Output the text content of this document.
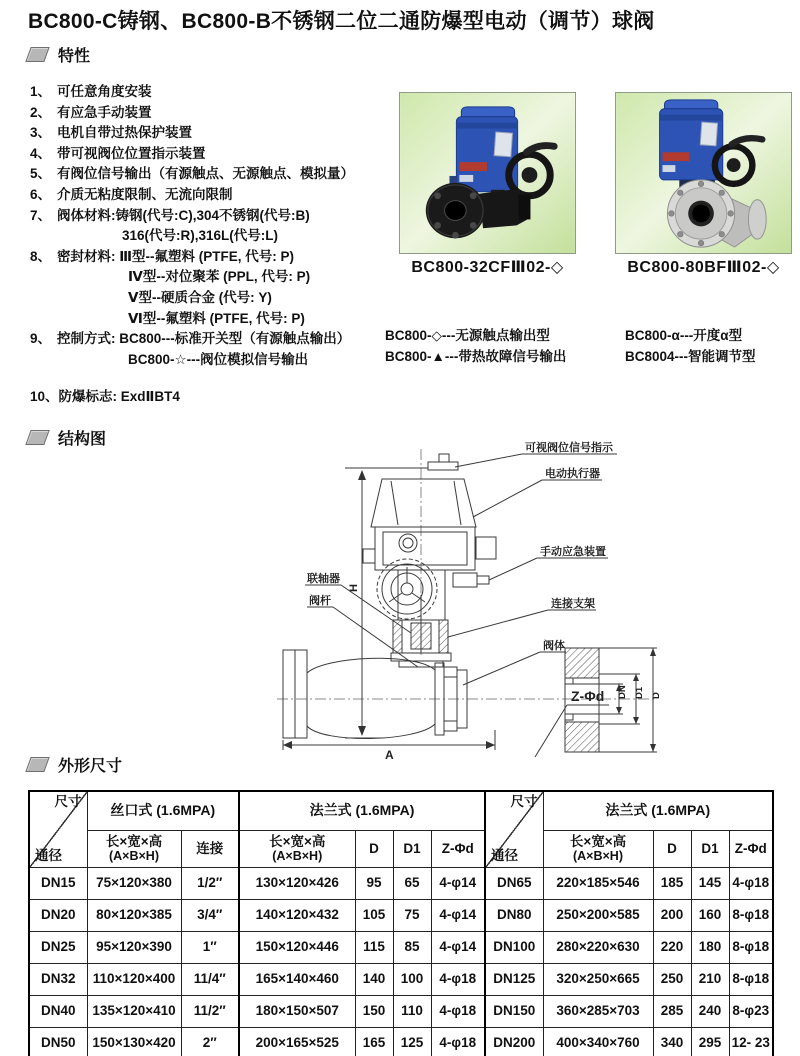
BC800-C铸钢、BC800-B不锈钢二位二通防爆型电动（调节）球阀
特性
1、 可任意角度安装
2、 有应急手动装置
3、 电机自带过热保护装置
4、 带可视阀位位置指示装置
5、 有阀位信号输出（有源触点、无源触点、模拟量）
6、 介质无粘度限制、无流向限制
7、 阀体材料:铸钢(代号:C),304不锈钢(代号:B)
316(代号:R),316L(代号:L)
8、 密封材料: Ⅲ型--氟塑料 (PTFE, 代号: P)
Ⅳ型--对位聚苯 (PPL, 代号: P)
Ⅴ型--硬质合金 (代号: Y)
Ⅵ型--氟塑料 (PTFE, 代号: P)
9、 控制方式: BC800---标准开关型（有源触点输出）
BC800-☆---阀位模拟信号输出
10、防爆标志: ExdⅡBT4
BC800-◇---无源触点输出型
BC800-▲---带热故障信号输出
BC800-α---开度α型
BC8004---智能调节型
BC800-32CFⅢ02-◇	BC800-80BFⅢ02-◇
结构图	可视阀位信号指示
电动执行器
手动应急装置
连接支架
阀体
Z-Φd
联轴器
阀杆
H
A
DN D1 D
外形尺寸
尺寸
通径	丝口式 (1.6MPA)		法兰式 (1.6MPA)				尺寸
通径	法兰式 (1.6MPA)			

长×宽×高
(A×B×H)	连接	长×宽×高
(A×B×H)	D	D1	Z-Φd	长×宽×高
(A×B×H)	D	D1	Z-Φd
DN15	75×120×380	1/2″	130×120×426	95	65	4-φ14	DN65	220×185×546	185	145	4-φ18
DN20	80×120×385	3/4″	140×120×432	105	75	4-φ14	DN80	250×200×585	200	160	8-φ18
DN25	95×120×390	1″	150×120×446	115	85	4-φ14	DN100	280×220×630	220	180	8-φ18
DN32	110×120×400	11/4″	165×140×460	140	100	4-φ18	DN125	320×250×665	250	210	8-φ18
DN40	135×120×410	11/2″	180×150×507	150	110	4-φ18	DN150	360×285×703	285	240	8-φ23
DN50	150×130×420	2″	200×165×525	165	125	4-φ18	DN200	400×340×760	340	295	12- 23
